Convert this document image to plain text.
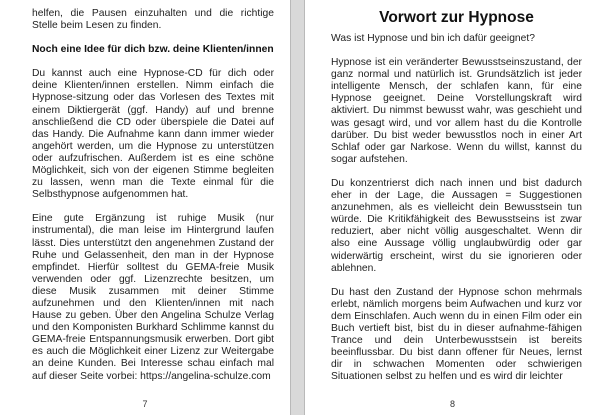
helfen, die Pausen einzuhalten und die richtige Stelle beim Lesen zu finden.

Noch eine Idee für dich bzw. deine Klienten/innen

Du kannst auch eine Hypnose-CD für dich oder deine Klienten/innen erstellen. Nimm einfach die Hypnose-sitzung oder das Vorlesen des Textes mit einem Diktiergerät (ggf. Handy) auf und brenne anschließend die CD oder überspiele die Datei auf das Handy. Die Aufnahme kann dann immer wieder angehört werden, um die Hypnose zu unterstützen oder aufzufrischen. Außerdem ist es eine schöne Möglichkeit, sich von der eigenen Stimme begleiten zu lassen, wenn man die Texte einmal für die Selbsthypnose aufgenommen hat.

Eine gute Ergänzung ist ruhige Musik (nur instrumental), die man leise im Hintergrund laufen lässt. Dies unterstützt den angenehmen Zustand der Ruhe und Gelassenheit, den man in der Hypnose empfindet. Hierfür solltest du GEMA-freie Musik verwenden oder ggf. Lizenzrechte besitzen, um diese Musik zusammen mit deiner Stimme aufzunehmen und den Klienten/innen mit nach Hause zu geben. Über den Angelina Schulze Verlag und den Komponisten Burkhard Schlimme kannst du GEMA-freie Entspannungsmusik erwerben. Dort gibt es auch die Möglichkeit einer Lizenz zur Weitergabe an deine Kunden. Bei Interesse schau einfach mal auf dieser Seite vorbei: https://angelina-schulze.com

7
Vorwort zur Hypnose

Was ist Hypnose und bin ich dafür geeignet?

Hypnose ist ein veränderter Bewusstseinszustand, der ganz normal und natürlich ist. Grundsätzlich ist jeder intelligente Mensch, der schlafen kann, für eine Hypnose geeignet. Deine Vorstellungskraft wird aktiviert. Du nimmst bewusst wahr, was geschieht und was gesagt wird, und vor allem hast du die Kontrolle darüber. Du bist weder bewusstlos noch in einer Art Schlaf oder gar Narkose. Wenn du willst, kannst du sogar aufstehen.

Du konzentrierst dich nach innen und bist dadurch eher in der Lage, die Aussagen = Suggestionen anzunehmen, als es vielleicht dein Bewusstsein tun würde. Die Kritikfähigkeit des Bewusstseins ist zwar reduziert, aber nicht völlig ausgeschaltet. Wenn dir also eine Aussage völlig unglaubwürdig oder gar widerwärtig erscheint, wirst du sie ignorieren oder ablehnen.

Du hast den Zustand der Hypnose schon mehrmals erlebt, nämlich morgens beim Aufwachen und kurz vor dem Einschlafen. Auch wenn du in einen Film oder ein Buch vertieft bist, bist du in dieser aufnahme-fähigen Trance und dein Unterbewusstsein ist bereits beeinflussbar. Du bist dann offener für Neues, lernst dir in schwachen Momenten oder schwierigen Situationen selbst zu helfen und es wird dir leichter

8
